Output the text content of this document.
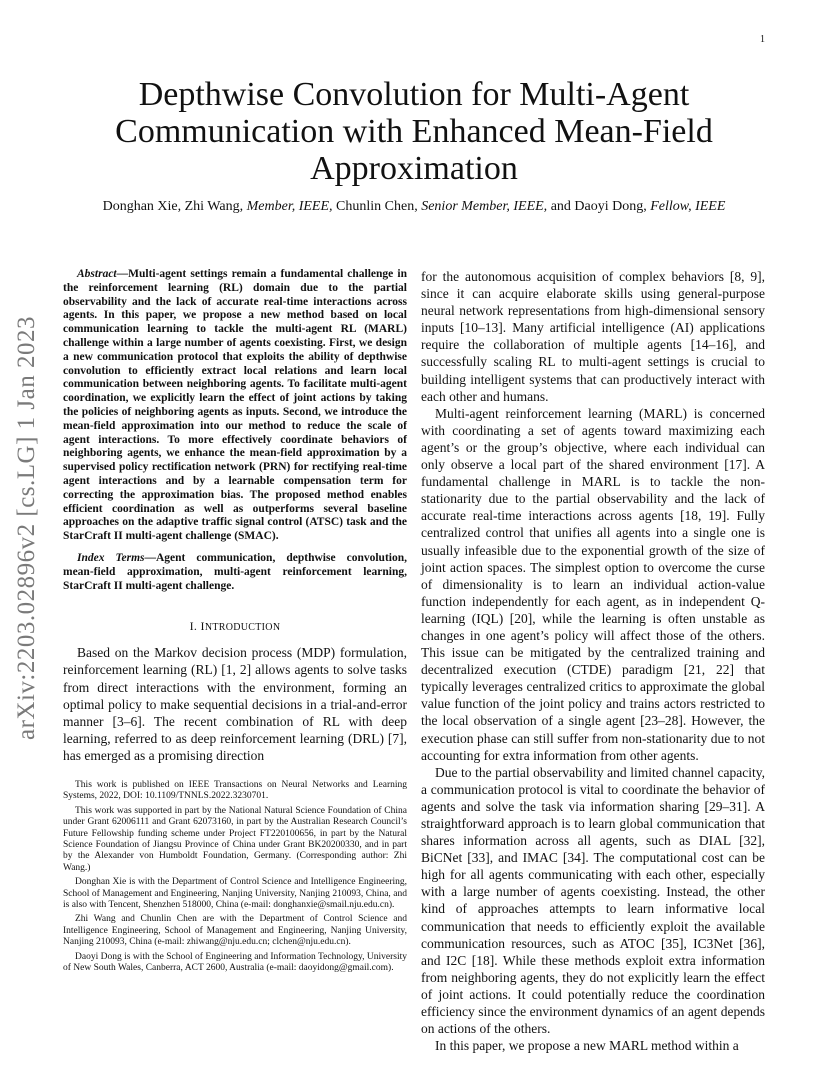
1
arXiv:2203.02896v2 [cs.LG] 1 Jan 2023
Depthwise Convolution for Multi-Agent Communication with Enhanced Mean-Field Approximation
Donghan Xie, Zhi Wang, Member, IEEE, Chunlin Chen, Senior Member, IEEE, and Daoyi Dong, Fellow, IEEE

Abstract—Multi-agent settings remain a fundamental challenge in the reinforcement learning (RL) domain due to the partial observability and the lack of accurate real-time interactions across agents. In this paper, we propose a new method based on local communication learning to tackle the multi-agent RL (MARL) challenge within a large number of agents coexisting. First, we design a new communication protocol that exploits the ability of depthwise convolution to efficiently extract local relations and learn local communication between neighboring agents. To facilitate multi-agent coordination, we explicitly learn the effect of joint actions by taking the policies of neighboring agents as inputs. Second, we introduce the mean-field approximation into our method to reduce the scale of agent interactions. To more effectively coordinate behaviors of neighboring agents, we enhance the mean-field approximation by a supervised policy rectification network (PRN) for rectifying real-time agent interactions and by a learnable compensation term for correcting the approximation bias. The proposed method enables efficient coordination as well as outperforms several baseline approaches on the adaptive traffic signal control (ATSC) task and the StarCraft II multi-agent challenge (SMAC).

Index Terms—Agent communication, depthwise convolution, mean-field approximation, multi-agent reinforcement learning, StarCraft II multi-agent challenge.

I. INTRODUCTION

Based on the Markov decision process (MDP) formulation, reinforcement learning (RL) [1, 2] allows agents to solve tasks from direct interactions with the environment, forming an optimal policy to make sequential decisions in a trial-and-error manner [3–6]. The recent combination of RL with deep learning, referred to as deep reinforcement learning (DRL) [7], has emerged as a promising direction

This work is published on IEEE Transactions on Neural Networks and Learning Systems, 2022, DOI: 10.1109/TNNLS.2022.3230701.

This work was supported in part by the National Natural Science Foundation of China under Grant 62006111 and Grant 62073160, in part by the Australian Research Council’s Future Fellowship funding scheme under Project FT220100656, in part by the Natural Science Foundation of Jiangsu Province of China under Grant BK20200330, and in part by the Alexander von Humboldt Foundation, Germany. (Corresponding author: Zhi Wang.)

Donghan Xie is with the Department of Control Science and Intelligence Engineering, School of Management and Engineering, Nanjing University, Nanjing 210093, China, and is also with Tencent, Shenzhen 518000, China (e-mail: donghanxie@smail.nju.edu.cn).

Zhi Wang and Chunlin Chen are with the Department of Control Science and Intelligence Engineering, School of Management and Engineering, Nanjing University, Nanjing 210093, China (e-mail: zhiwang@nju.edu.cn; clchen@nju.edu.cn).

Daoyi Dong is with the School of Engineering and Information Technology, University of New South Wales, Canberra, ACT 2600, Australia (e-mail: daoyidong@gmail.com).

for the autonomous acquisition of complex behaviors [8, 9], since it can acquire elaborate skills using general-purpose neural network representations from high-dimensional sensory inputs [10–13]. Many artificial intelligence (AI) applications require the collaboration of multiple agents [14–16], and successfully scaling RL to multi-agent settings is crucial to building intelligent systems that can productively interact with each other and humans.

Multi-agent reinforcement learning (MARL) is concerned with coordinating a set of agents toward maximizing each agent’s or the group’s objective, where each individual can only observe a local part of the shared environment [17]. A fundamental challenge in MARL is to tackle the non-stationarity due to the partial observability and the lack of accurate real-time interactions across agents [18, 19]. Fully centralized control that unifies all agents into a single one is usually infeasible due to the exponential growth of the size of joint action spaces. The simplest option to overcome the curse of dimensionality is to learn an individual action-value function independently for each agent, as in independent Q-learning (IQL) [20], while the learning is often unstable as changes in one agent’s policy will affect those of the others. This issue can be mitigated by the centralized training and decentralized execution (CTDE) paradigm [21, 22] that typically leverages centralized critics to approximate the global value function of the joint policy and trains actors restricted to the local observation of a single agent [23–28]. However, the execution phase can still suffer from non-stationarity due to not accounting for extra information from other agents.

Due to the partial observability and limited channel capacity, a communication protocol is vital to coordinate the behavior of agents and solve the task via information sharing [29–31]. A straightforward approach is to learn global communication that shares information across all agents, such as DIAL [32], BiCNet [33], and IMAC [34]. The computational cost can be high for all agents communicating with each other, especially with a large number of agents coexisting. Instead, the other kind of approaches attempts to learn informative local communication that needs to efficiently exploit the available communication resources, such as ATOC [35], IC3Net [36], and I2C [18]. While these methods exploit extra information from neighboring agents, they do not explicitly learn the effect of joint actions. It could potentially reduce the coordination efficiency since the environment dynamics of an agent depends on actions of the others.

In this paper, we propose a new MARL method within a
